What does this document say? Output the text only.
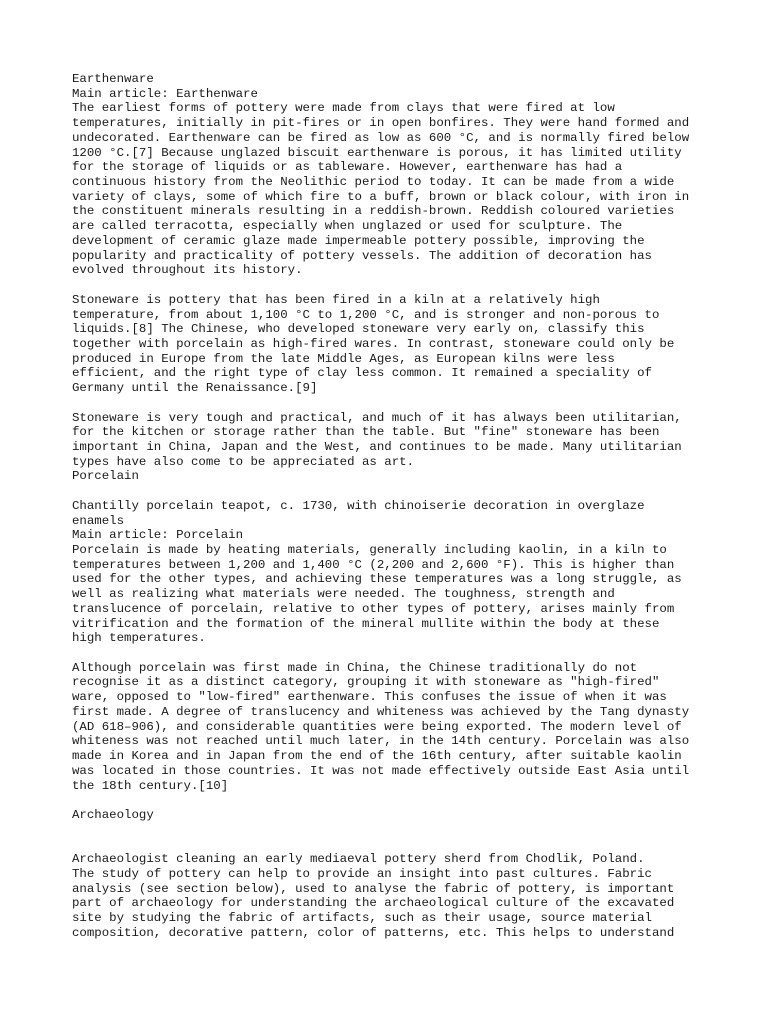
Earthenware
Main article: Earthenware
The earliest forms of pottery were made from clays that were fired at low
temperatures, initially in pit-fires or in open bonfires. They were hand formed and
undecorated. Earthenware can be fired as low as 600 °C, and is normally fired below
1200 °C.[7] Because unglazed biscuit earthenware is porous, it has limited utility
for the storage of liquids or as tableware. However, earthenware has had a
continuous history from the Neolithic period to today. It can be made from a wide
variety of clays, some of which fire to a buff, brown or black colour, with iron in
the constituent minerals resulting in a reddish-brown. Reddish coloured varieties
are called terracotta, especially when unglazed or used for sculpture. The
development of ceramic glaze made impermeable pottery possible, improving the
popularity and practicality of pottery vessels. The addition of decoration has
evolved throughout its history.
Stoneware is pottery that has been fired in a kiln at a relatively high
temperature, from about 1,100 °C to 1,200 °C, and is stronger and non-porous to
liquids.[8] The Chinese, who developed stoneware very early on, classify this
together with porcelain as high-fired wares. In contrast, stoneware could only be
produced in Europe from the late Middle Ages, as European kilns were less
efficient, and the right type of clay less common. It remained a speciality of
Germany until the Renaissance.[9]
Stoneware is very tough and practical, and much of it has always been utilitarian,
for the kitchen or storage rather than the table. But "fine" stoneware has been
important in China, Japan and the West, and continues to be made. Many utilitarian
types have also come to be appreciated as art.
Porcelain
Chantilly porcelain teapot, c. 1730, with chinoiserie decoration in overglaze
enamels
Main article: Porcelain
Porcelain is made by heating materials, generally including kaolin, in a kiln to
temperatures between 1,200 and 1,400 °C (2,200 and 2,600 °F). This is higher than
used for the other types, and achieving these temperatures was a long struggle, as
well as realizing what materials were needed. The toughness, strength and
translucence of porcelain, relative to other types of pottery, arises mainly from
vitrification and the formation of the mineral mullite within the body at these
high temperatures.
Although porcelain was first made in China, the Chinese traditionally do not
recognise it as a distinct category, grouping it with stoneware as "high-fired"
ware, opposed to "low-fired" earthenware. This confuses the issue of when it was
first made. A degree of translucency and whiteness was achieved by the Tang dynasty
(AD 618–906), and considerable quantities were being exported. The modern level of
whiteness was not reached until much later, in the 14th century. Porcelain was also
made in Korea and in Japan from the end of the 16th century, after suitable kaolin
was located in those countries. It was not made effectively outside East Asia until
the 18th century.[10]
Archaeology
Archaeologist cleaning an early mediaeval pottery sherd from Chodlik, Poland.
The study of pottery can help to provide an insight into past cultures. Fabric
analysis (see section below), used to analyse the fabric of pottery, is important
part of archaeology for understanding the archaeological culture of the excavated
site by studying the fabric of artifacts, such as their usage, source material
composition, decorative pattern, color of patterns, etc. This helps to understand
